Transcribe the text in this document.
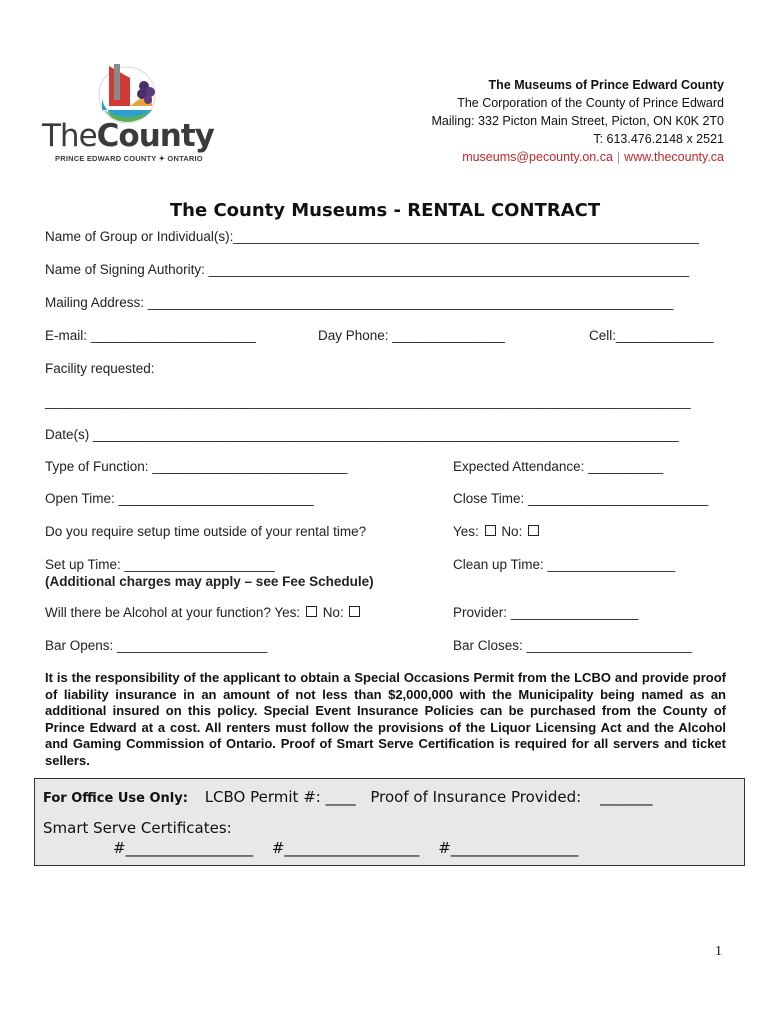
TheCounty
PRINCE EDWARD COUNTY ✦ ONTARIO
The Museums of Prince Edward County
The Corporation of the County of Prince Edward
Mailing: 332 Picton Main Street, Picton, ON K0K 2T0
T: 613.476.2148 x 2521
museums@pecounty.on.ca | www.thecounty.ca
The County Museums - RENTAL CONTRACT
Name of Group or Individual(s):______________________________________________________________
Name of Signing Authority: ________________________________________________________________
Mailing Address: ______________________________________________________________________
E-mail: ______________________	Day Phone: _______________	Cell:_____________
Facility requested:
______________________________________________________________________________________
Date(s) ______________________________________________________________________________
Type of Function: __________________________	Expected Attendance: __________
Open Time: __________________________	Close Time: ________________________
Do you require setup time outside of your rental time?	Yes: No:
Set up Time: ____________________
(Additional charges may apply – see Fee Schedule)
Clean up Time: _________________
Will there be Alcohol at your function? Yes: No:	Provider: _________________
Bar Opens: ____________________	Bar Closes: ______________________
It is the responsibility of the applicant to obtain a Special Occasions Permit from the LCBO and provide proof of liability insurance in an amount of not less than $2,000,000 with the Municipality being named as an additional insured on this policy. Special Event Insurance Policies can be purchased from the County of Prince Edward at a cost. All renters must follow the provisions of the Liquor Licensing Act and the Alcohol and Gaming Commission of Ontario. Proof of Smart Serve Certification is required for all servers and ticket sellers.
For Office Use Only: LCBO Permit #: ____ Proof of Insurance Provided: _______
Smart Serve Certificates:
#_________________ #__________________ #_________________
1
